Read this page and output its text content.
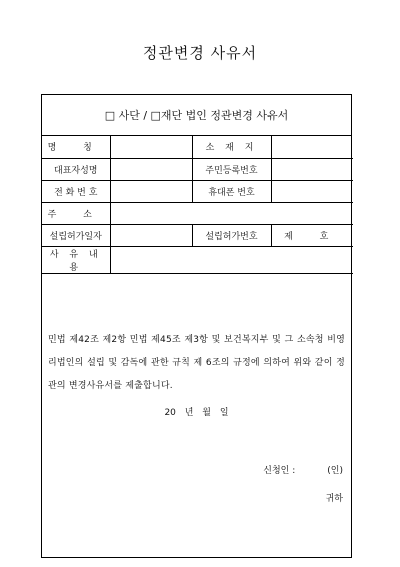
정관변경 사유서
□ 사단 / □재단 법인 정관변경 사유서
명 칭		소 재 지	
대표자성명		주민등록번호	
전 화 번 호		휴대폰 번호	
주 소			
설립허가일자		설립허가번호	제 호
사 유 내 용			
민법 제42조 제2항 민법 제45조 제3항 및 보건복지부 및 그 소속청 비영리법인의 설립 및 감독에 관한 규칙 제 6조의 규정에 의하여 위와 같이 정관의 변경사유서를 제출합니다.
20 년 월 일
신청인 :	(인)
귀하
